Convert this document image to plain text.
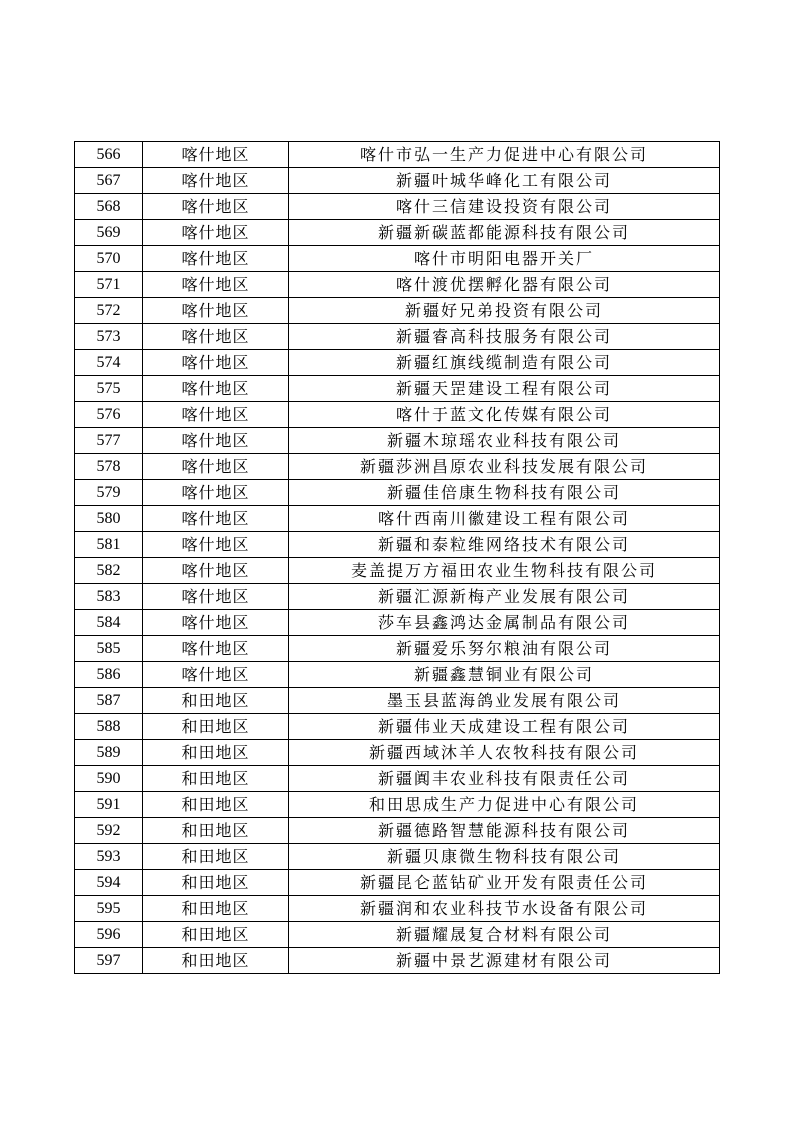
566	喀什地区	喀什市弘一生产力促进中心有限公司
567	喀什地区	新疆叶城华峰化工有限公司
568	喀什地区	喀什三信建设投资有限公司
569	喀什地区	新疆新碳蓝都能源科技有限公司
570	喀什地区	喀什市明阳电器开关厂
571	喀什地区	喀什渡优摆孵化器有限公司
572	喀什地区	新疆好兄弟投资有限公司
573	喀什地区	新疆睿高科技服务有限公司
574	喀什地区	新疆红旗线缆制造有限公司
575	喀什地区	新疆天罡建设工程有限公司
576	喀什地区	喀什于蓝文化传媒有限公司
577	喀什地区	新疆木琼瑶农业科技有限公司
578	喀什地区	新疆莎洲昌原农业科技发展有限公司
579	喀什地区	新疆佳倍康生物科技有限公司
580	喀什地区	喀什西南川徽建设工程有限公司
581	喀什地区	新疆和泰粒维网络技术有限公司
582	喀什地区	麦盖提万方福田农业生物科技有限公司
583	喀什地区	新疆汇源新梅产业发展有限公司
584	喀什地区	莎车县鑫鸿达金属制品有限公司
585	喀什地区	新疆爱乐努尔粮油有限公司
586	喀什地区	新疆鑫慧铜业有限公司
587	和田地区	墨玉县蓝海鸽业发展有限公司
588	和田地区	新疆伟业天成建设工程有限公司
589	和田地区	新疆西域沐羊人农牧科技有限公司
590	和田地区	新疆阗丰农业科技有限责任公司
591	和田地区	和田思成生产力促进中心有限公司
592	和田地区	新疆德路智慧能源科技有限公司
593	和田地区	新疆贝康微生物科技有限公司
594	和田地区	新疆昆仑蓝钻矿业开发有限责任公司
595	和田地区	新疆润和农业科技节水设备有限公司
596	和田地区	新疆耀晟复合材料有限公司
597	和田地区	新疆中景艺源建材有限公司
